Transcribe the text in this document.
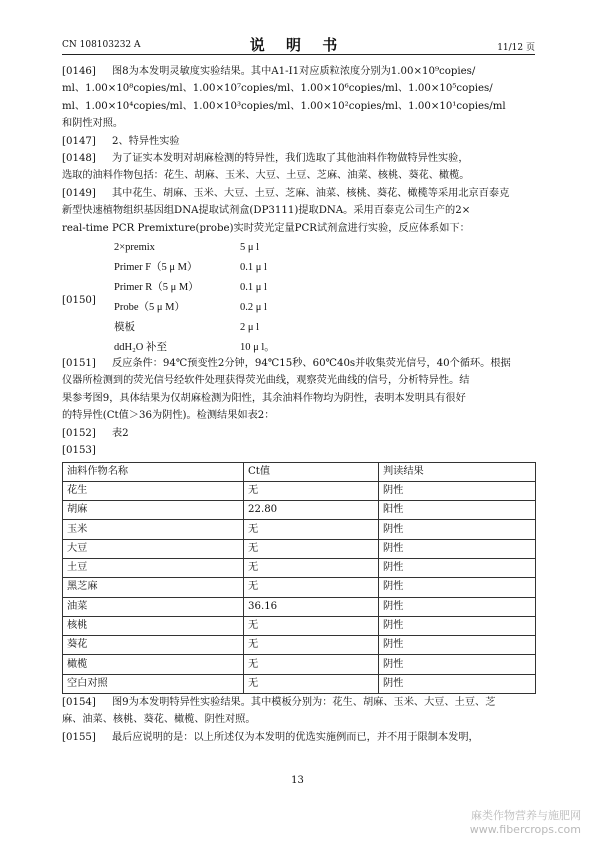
CN 108103232 A	说 明 书	11/12 页
[0146] 图8为本发明灵敏度实验结果。其中A1-I1对应质粒浓度分别为1.00×10⁹copies/
ml、1.00×10⁸copies/ml、1.00×10⁷copies/ml、1.00×10⁶copies/ml、1.00×10⁵copies/
ml、1.00×10⁴copies/ml、1.00×10³copies/ml、1.00×10²copies/ml、1.00×10¹copies/ml
和阴性对照。
[0147] 2、特异性实验
[0148] 为了证实本发明对胡麻检测的特异性，我们选取了其他油料作物做特异性实验，
选取的油料作物包括：花生、胡麻、玉米、大豆、土豆、芝麻、油菜、核桃、葵花、橄榄。
[0149] 其中花生、胡麻、玉米、大豆、土豆、芝麻、油菜、核桃、葵花、橄榄等采用北京百泰克
新型快速植物组织基因组DNA提取试剂盒(DP3111)提取DNA。采用百泰克公司生产的2×
real-time PCR Premixture(probe)实时荧光定量PCR试剂盒进行实验，反应体系如下：
[0150]
2×premix	5 μ l
Primer F（5 μ M）	0.1 μ l
Primer R（5 μ M）	0.1 μ l
Probe（5 μ M）	0.2 μ l
模板	2 μ l
ddH₂O 补至	10 μ l。
[0151] 反应条件：94℃预变性2分钟，94℃15秒、60℃40s并收集荧光信号，40个循环。根据
仪器所检测到的荧光信号经软件处理获得荧光曲线，观察荧光曲线的信号，分析特异性。结
果参考图9，具体结果为仅胡麻检测为阳性，其余油料作物均为阴性，表明本发明具有很好
的特异性(Ct值＞36为阴性)。检测结果如表2：
[0152] 表2
[0153]
油料作物名称	Ct值	判读结果
花生	无	阴性
胡麻	22.80	阳性
玉米	无	阴性
大豆	无	阴性
土豆	无	阴性
黑芝麻	无	阴性
油菜	36.16	阴性
核桃	无	阴性
葵花	无	阴性
橄榄	无	阴性
空白对照	无	阴性
[0154] 图9为本发明特异性实验结果。其中模板分别为：花生、胡麻、玉米、大豆、土豆、芝
麻、油菜、核桃、葵花、橄榄、阴性对照。
[0155] 最后应说明的是：以上所述仅为本发明的优选实施例而已，并不用于限制本发明，
13
麻类作物营养与施肥网
www.fibercrops.com
